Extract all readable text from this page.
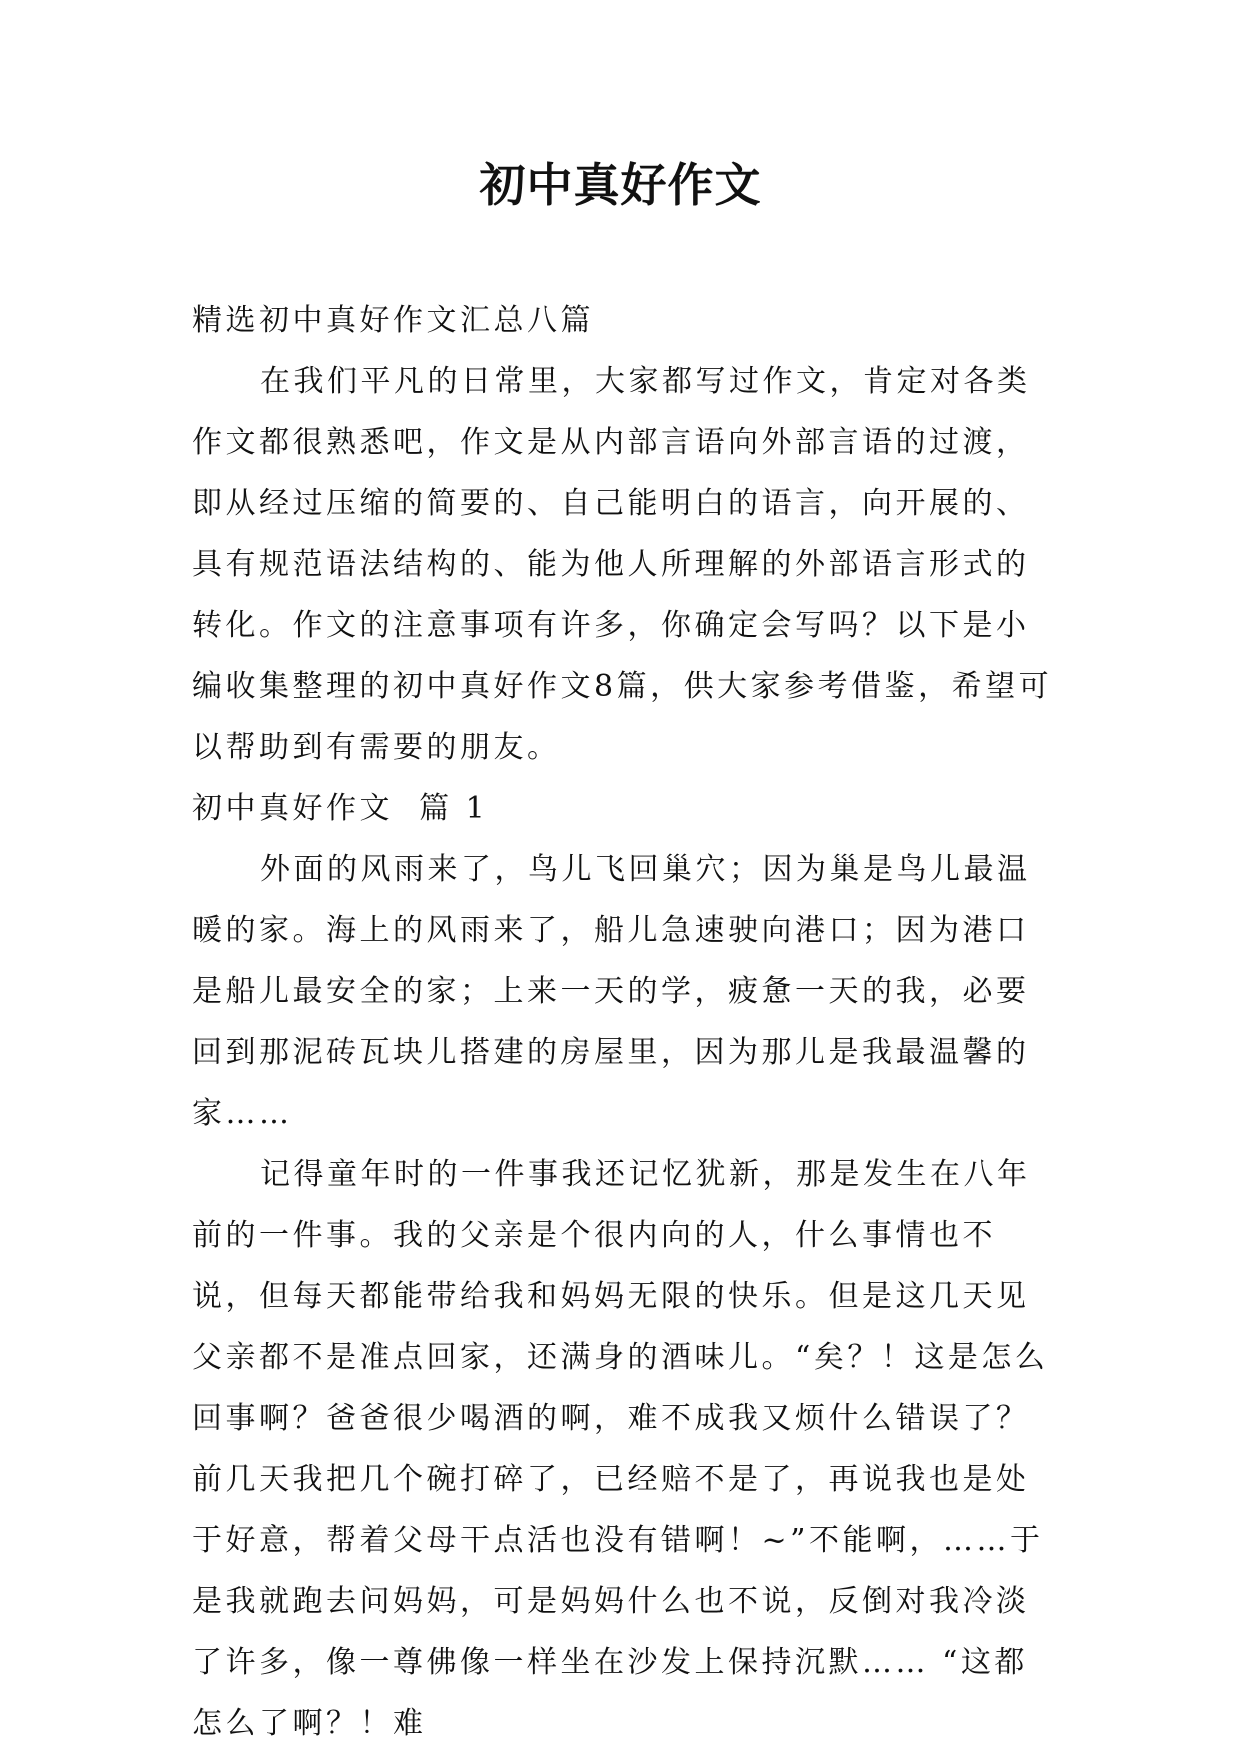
初中真好作文

精选初中真好作文汇总八篇

在我们平凡的日常里，大家都写过作文，肯定对各类作文都很熟悉吧，作文是从内部言语向外部言语的过渡，即从经过压缩的简要的、自己能明白的语言，向开展的、具有规范语法结构的、能为他人所理解的外部语言形式的转化。作文的注意事项有许多，你确定会写吗？以下是小编收集整理的初中真好作文8篇，供大家参考借鉴，希望可以帮助到有需要的朋友。

初中真好作文  篇 1

外面的风雨来了，鸟儿飞回巢穴；因为巢是鸟儿最温暖的家。海上的风雨来了，船儿急速驶向港口；因为港口是船儿最安全的家；上来一天的学，疲惫一天的我，必要回到那泥砖瓦块儿搭建的房屋里，因为那儿是我最温馨的家……

记得童年时的一件事我还记忆犹新，那是发生在八年前的一件事。我的父亲是个很内向的人，什么事情也不说，但每天都能带给我和妈妈无限的快乐。但是这几天见父亲都不是准点回家，还满身的酒味儿。“矣？！这是怎么回事啊？爸爸很少喝酒的啊，难不成我又烦什么错误了？前几天我把几个碗打碎了，已经赔不是了，再说我也是处于好意，帮着父母干点活也没有错啊！~”不能啊，……于是我就跑去问妈妈，可是妈妈什么也不说，反倒对我冷淡了许多，像一尊佛像一样坐在沙发上保持沉默…… “这都怎么了啊？！难
